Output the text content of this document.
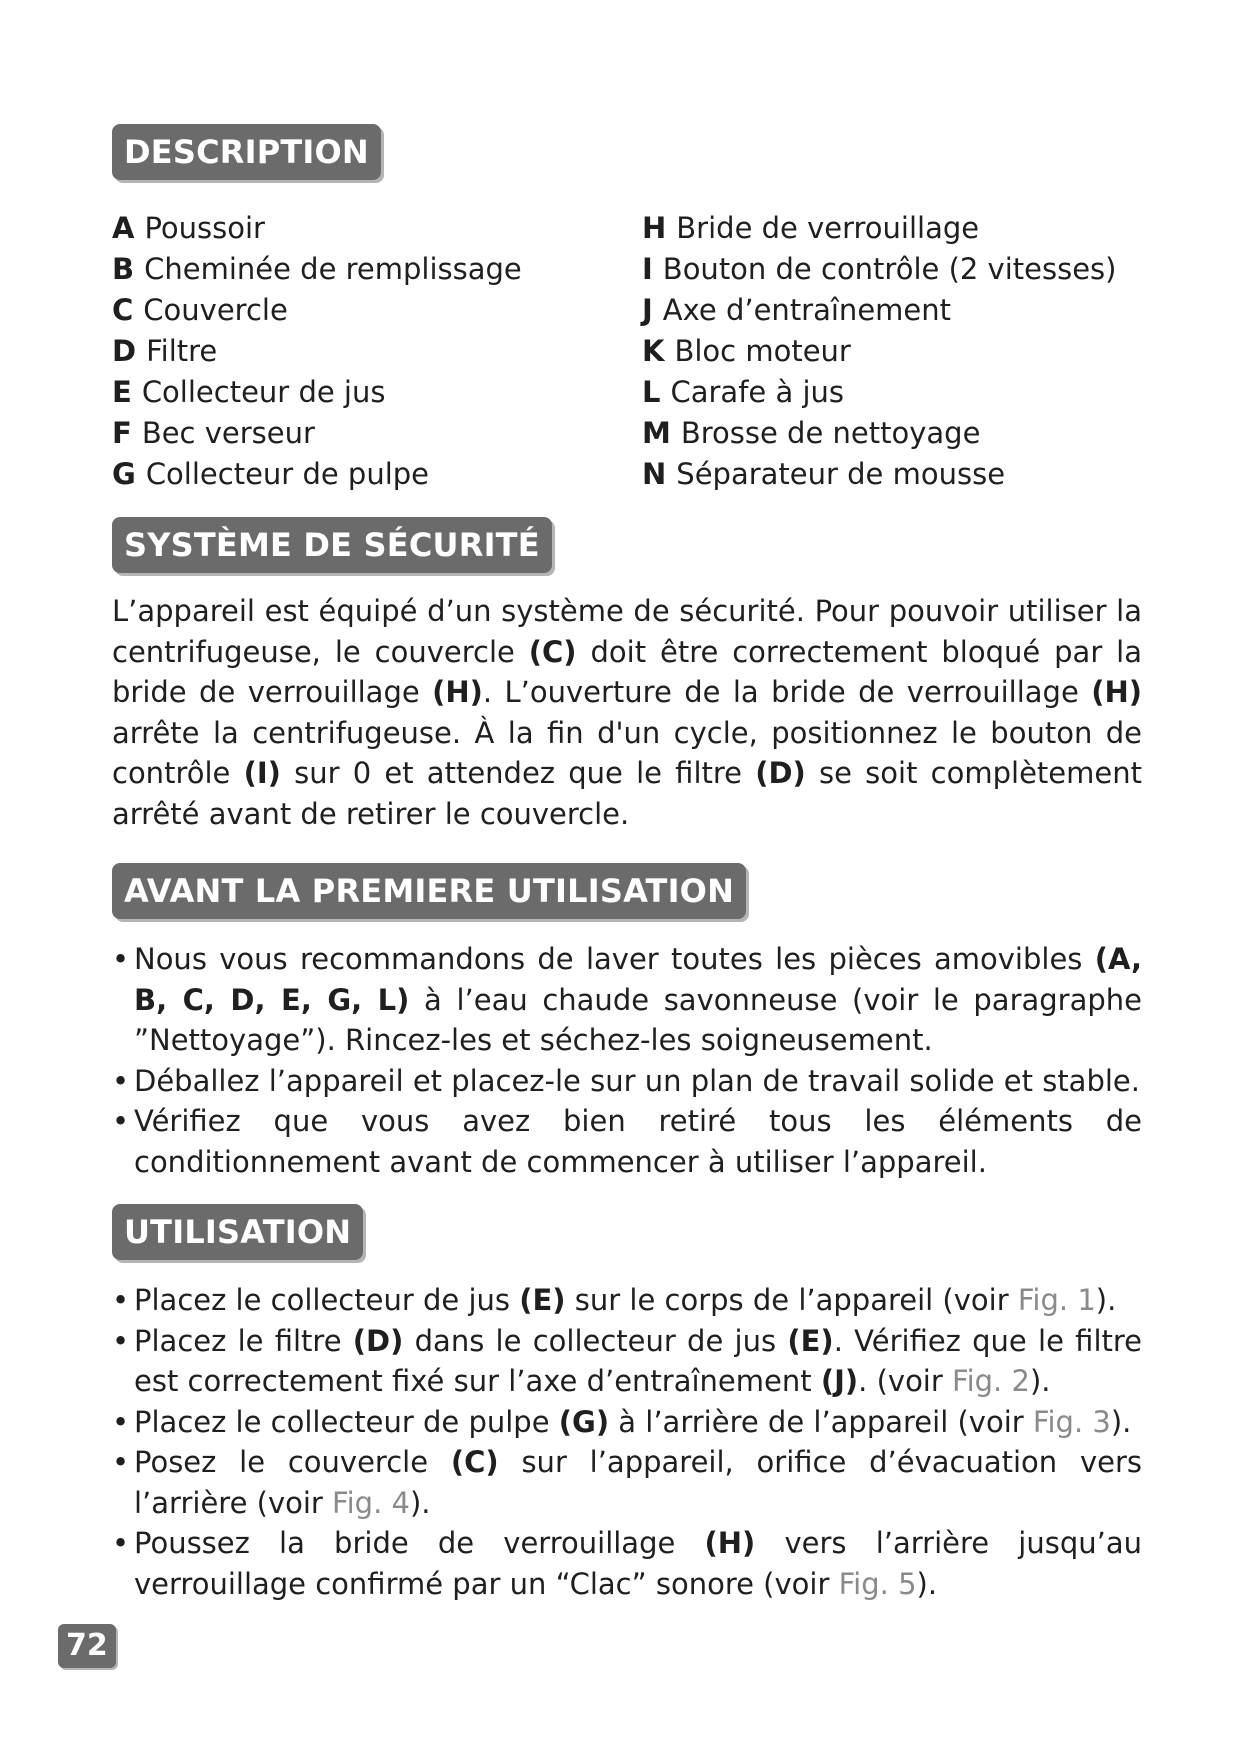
DESCRIPTION
A Poussoir
B Cheminée de remplissage
C Couvercle
D Filtre
E Collecteur de jus
F Bec verseur
G Collecteur de pulpe
H Bride de verrouillage
I Bouton de contrôle (2 vitesses)
J Axe d’entraînement
K Bloc moteur
L Carafe à jus
M Brosse de nettoyage
N Séparateur de mousse
SYSTÈME DE SÉCURITÉ

L’appareil est équipé d’un système de sécurité. Pour pouvoir utiliser la centrifugeuse, le couvercle (C) doit être correctement bloqué par la bride de verrouillage (H). L’ouverture de la bride de verrouillage (H) arrête la centrifugeuse. À la fin d'un cycle, positionnez le bouton de contrôle (I) sur 0 et attendez que le filtre (D) se soit complètement arrêté avant de retirer le couvercle.

AVANT LA PREMIERE UTILISATION
• Nous vous recommandons de laver toutes les pièces amovibles (A, B, C, D, E, G, L) à l’eau chaude savonneuse (voir le paragraphe ”Nettoyage”). Rincez-les et séchez-les soigneusement.
• Déballez l’appareil et placez-le sur un plan de travail solide et stable.
• Vérifiez que vous avez bien retiré tous les éléments de conditionnement avant de commencer à utiliser l’appareil.
UTILISATION
• Placez le collecteur de jus (E) sur le corps de l’appareil (voir Fig. 1).
• Placez le filtre (D) dans le collecteur de jus (E). Vérifiez que le filtre est correctement fixé sur l’axe d’entraînement (J). (voir Fig. 2).
• Placez le collecteur de pulpe (G) à l’arrière de l’appareil (voir Fig. 3).
• Posez le couvercle (C) sur l’appareil, orifice d’évacuation vers l’arrière (voir Fig. 4).
• Poussez la bride de verrouillage (H) vers l’arrière jusqu’au verrouillage confirmé par un “Clac” sonore (voir Fig. 5).
72
